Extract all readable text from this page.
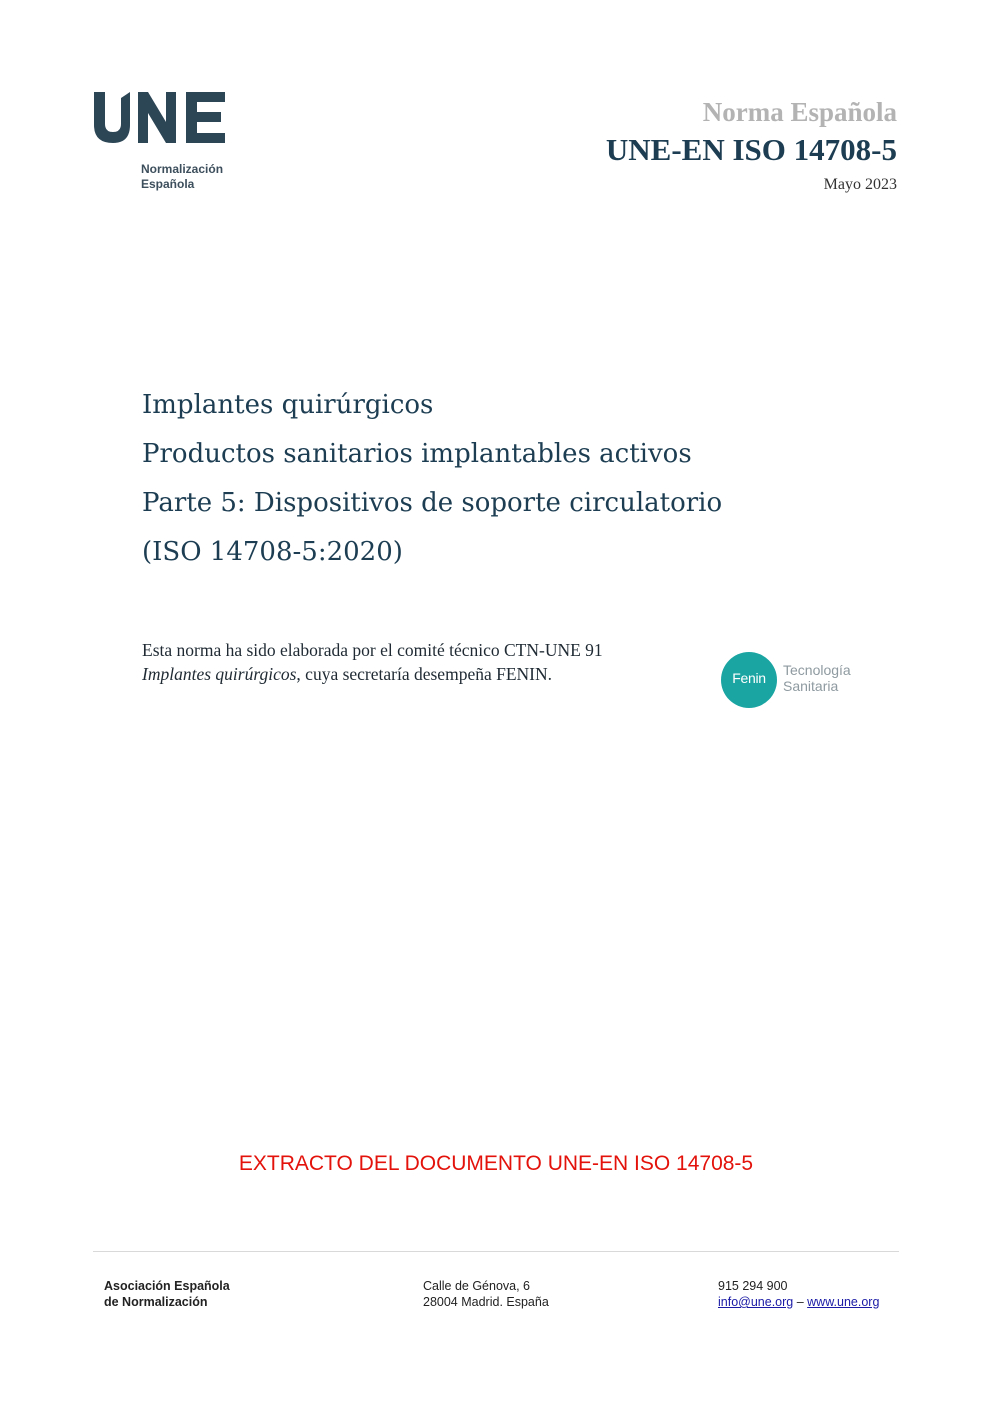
Normalización
Española
Norma Española
UNE-EN ISO 14708-5
Mayo 2023
Implantes quirúrgicos
Productos sanitarios implantables activos
Parte 5: Dispositivos de soporte circulatorio
(ISO 14708-5:2020)
Esta norma ha sido elaborada por el comité técnico CTN-UNE 91 Implantes quirúrgicos, cuya secretaría desempeña FENIN.	Fenin	Tecnología
Sanitaria
EXTRACTO DEL DOCUMENTO UNE-EN ISO 14708-5
Asociación Española
de Normalización
Calle de Génova, 6
28004 Madrid. España
915 294 900
info@une.org – www.une.org
